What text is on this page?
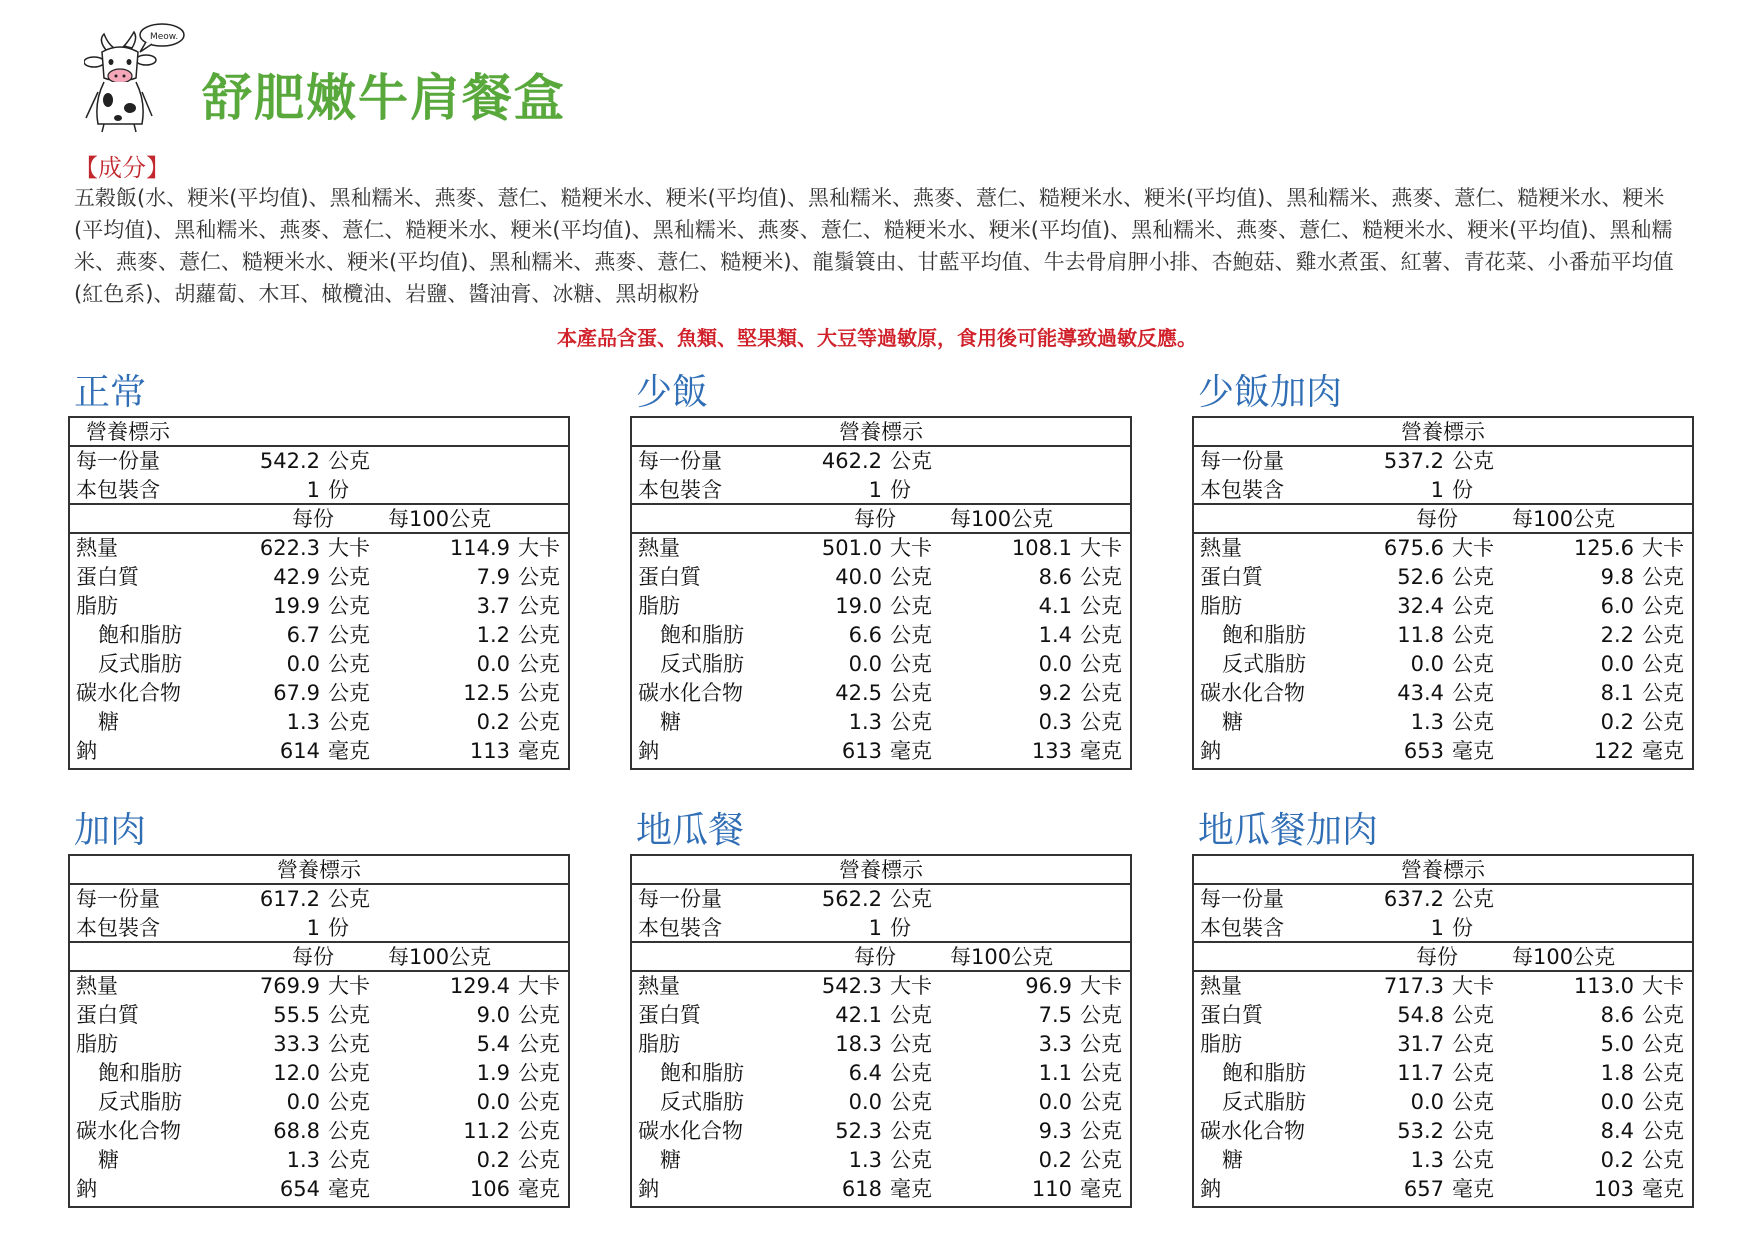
Meow.
舒肥嫩牛肩餐盒
【成分】
五穀飯(水、粳米(平均值)、黑秈糯米、燕麥、薏仁、糙粳米水、粳米(平均值)、黑秈糯米、燕麥、薏仁、糙粳米水、粳米(平均值)、黑秈糯米、燕麥、薏仁、糙粳米水、粳米(平均值)、黑秈糯米、燕麥、薏仁、糙粳米水、粳米(平均值)、黑秈糯米、燕麥、薏仁、糙粳米水、粳米(平均值)、黑秈糯米、燕麥、薏仁、糙粳米水、粳米(平均值)、黑秈糯米、燕麥、薏仁、糙粳米水、粳米(平均值)、黑秈糯米、燕麥、薏仁、糙粳米)、龍鬚簑由、甘藍平均值、牛去骨肩胛小排、杏鮑菇、雞水煮蛋、紅薯、青花菜、小番茄平均值(紅色系)、胡蘿蔔、木耳、橄欖油、岩鹽、醬油膏、冰糖、黑胡椒粉
本產品含蛋、魚類、堅果類、大豆等過敏原，食用後可能導致過敏反應。
正常
營養標示
每一份量	542.2 公克
本包裝含	1 份
每份	每100公克
熱量	622.3 大卡	114.9 大卡
蛋白質	42.9 公克	7.9 公克
脂肪	19.9 公克	3.7 公克
飽和脂肪	6.7 公克	1.2 公克
反式脂肪	0.0 公克	0.0 公克
碳水化合物	67.9 公克	12.5 公克
糖	1.3 公克	0.2 公克
鈉	614 毫克	113 毫克
少飯
營養標示
每一份量	462.2 公克
本包裝含	1 份
每份	每100公克
熱量	501.0 大卡	108.1 大卡
蛋白質	40.0 公克	8.6 公克
脂肪	19.0 公克	4.1 公克
飽和脂肪	6.6 公克	1.4 公克
反式脂肪	0.0 公克	0.0 公克
碳水化合物	42.5 公克	9.2 公克
糖	1.3 公克	0.3 公克
鈉	613 毫克	133 毫克
少飯加肉
營養標示
每一份量	537.2 公克
本包裝含	1 份
每份	每100公克
熱量	675.6 大卡	125.6 大卡
蛋白質	52.6 公克	9.8 公克
脂肪	32.4 公克	6.0 公克
飽和脂肪	11.8 公克	2.2 公克
反式脂肪	0.0 公克	0.0 公克
碳水化合物	43.4 公克	8.1 公克
糖	1.3 公克	0.2 公克
鈉	653 毫克	122 毫克
加肉
營養標示
每一份量	617.2 公克
本包裝含	1 份
每份	每100公克
熱量	769.9 大卡	129.4 大卡
蛋白質	55.5 公克	9.0 公克
脂肪	33.3 公克	5.4 公克
飽和脂肪	12.0 公克	1.9 公克
反式脂肪	0.0 公克	0.0 公克
碳水化合物	68.8 公克	11.2 公克
糖	1.3 公克	0.2 公克
鈉	654 毫克	106 毫克
地瓜餐
營養標示
每一份量	562.2 公克
本包裝含	1 份
每份	每100公克
熱量	542.3 大卡	96.9 大卡
蛋白質	42.1 公克	7.5 公克
脂肪	18.3 公克	3.3 公克
飽和脂肪	6.4 公克	1.1 公克
反式脂肪	0.0 公克	0.0 公克
碳水化合物	52.3 公克	9.3 公克
糖	1.3 公克	0.2 公克
鈉	618 毫克	110 毫克
地瓜餐加肉
營養標示
每一份量	637.2 公克
本包裝含	1 份
每份	每100公克
熱量	717.3 大卡	113.0 大卡
蛋白質	54.8 公克	8.6 公克
脂肪	31.7 公克	5.0 公克
飽和脂肪	11.7 公克	1.8 公克
反式脂肪	0.0 公克	0.0 公克
碳水化合物	53.2 公克	8.4 公克
糖	1.3 公克	0.2 公克
鈉	657 毫克	103 毫克
